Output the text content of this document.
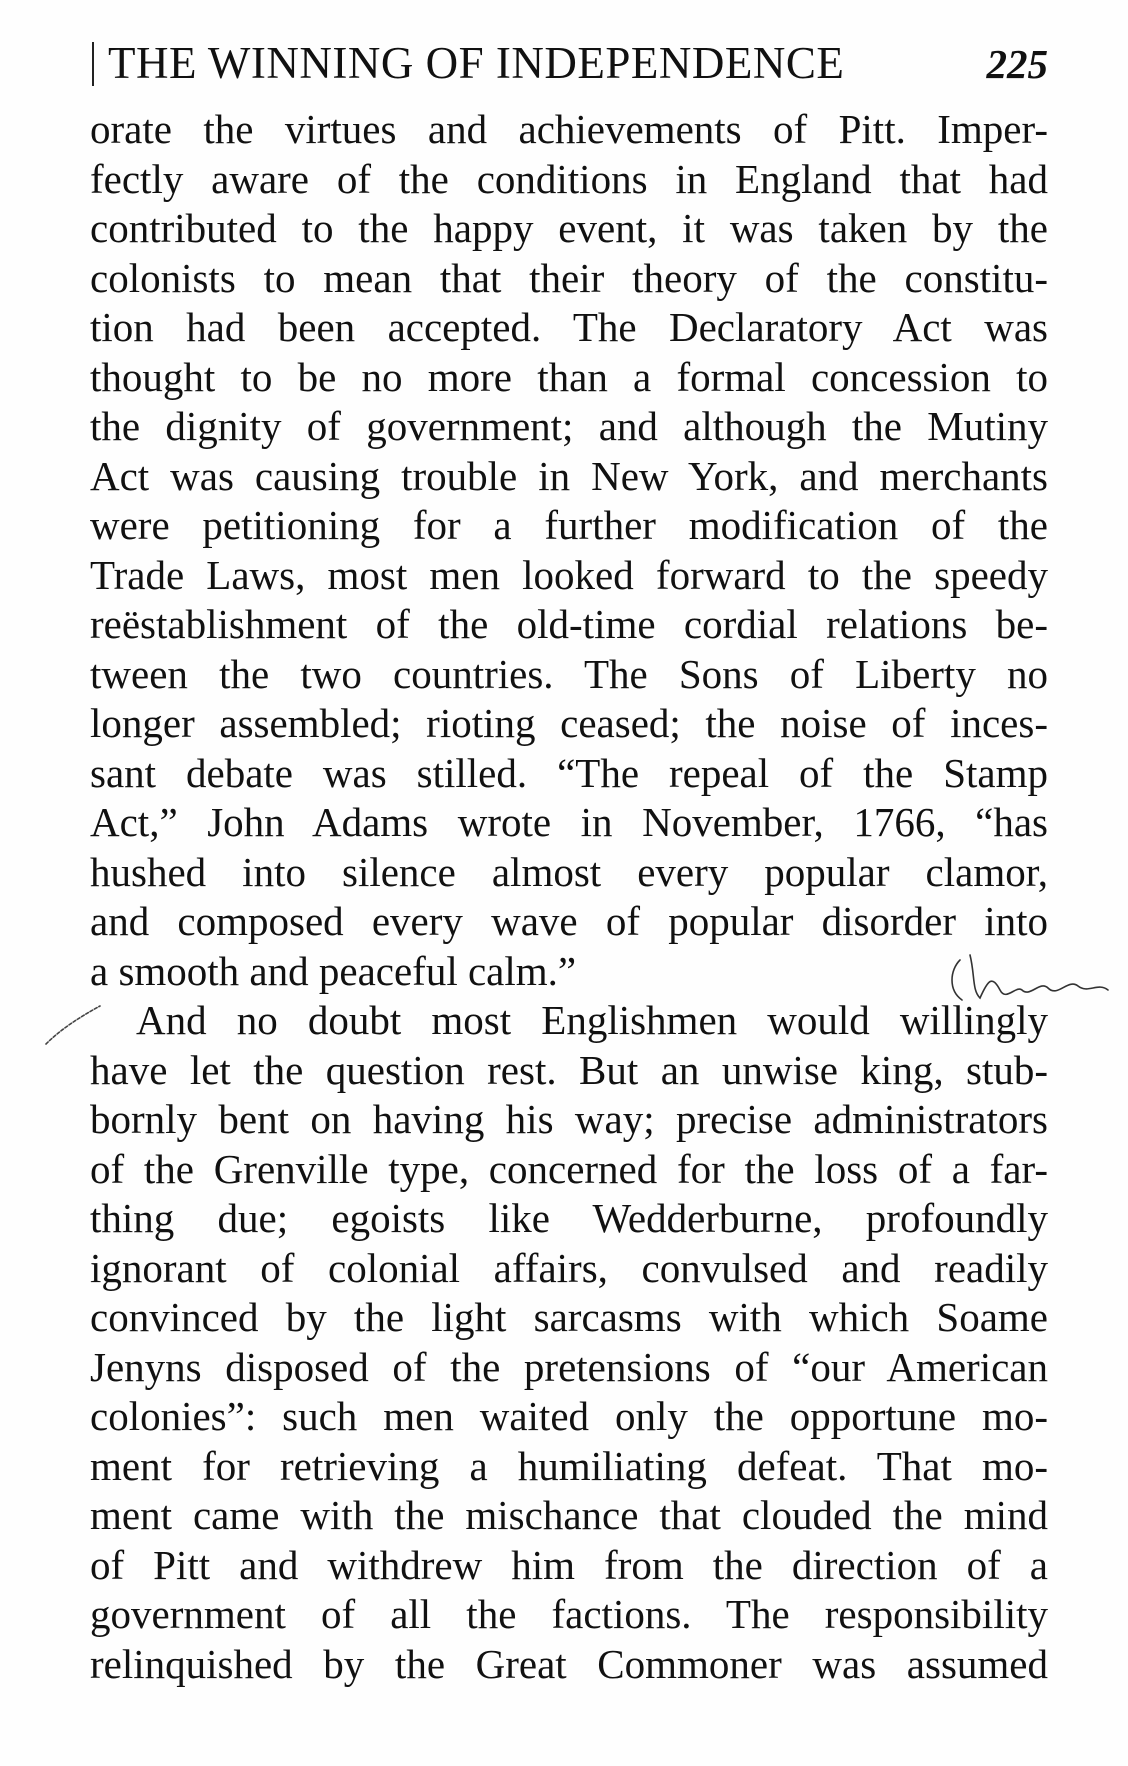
THE WINNING OF INDEPENDENCE	225
orate the virtues and achievements of Pitt. Imper-
fectly aware of the conditions in England that had
contributed to the happy event, it was taken by the
colonists to mean that their theory of the constitu-
tion had been accepted. The Declaratory Act was
thought to be no more than a formal concession to
the dignity of government; and although the Mutiny
Act was causing trouble in New York, and merchants
were petitioning for a further modification of the
Trade Laws, most men looked forward to the speedy
reëstablishment of the old-time cordial relations be-
tween the two countries. The Sons of Liberty no
longer assembled; rioting ceased; the noise of inces-
sant debate was stilled. “The repeal of the Stamp
Act,” John Adams wrote in November, 1766, “has
hushed into silence almost every popular clamor,
and composed every wave of popular disorder into
a smooth and peaceful calm.”
And no doubt most Englishmen would willingly
have let the question rest. But an unwise king, stub-
bornly bent on having his way; precise administrators
of the Grenville type, concerned for the loss of a far-
thing due; egoists like Wedderburne, profoundly
ignorant of colonial affairs, convulsed and readily
convinced by the light sarcasms with which Soame
Jenyns disposed of the pretensions of “our American
colonies”: such men waited only the opportune mo-
ment for retrieving a humiliating defeat. That mo-
ment came with the mischance that clouded the mind
of Pitt and withdrew him from the direction of a
government of all the factions. The responsibility
relinquished by the Great Commoner was assumed
